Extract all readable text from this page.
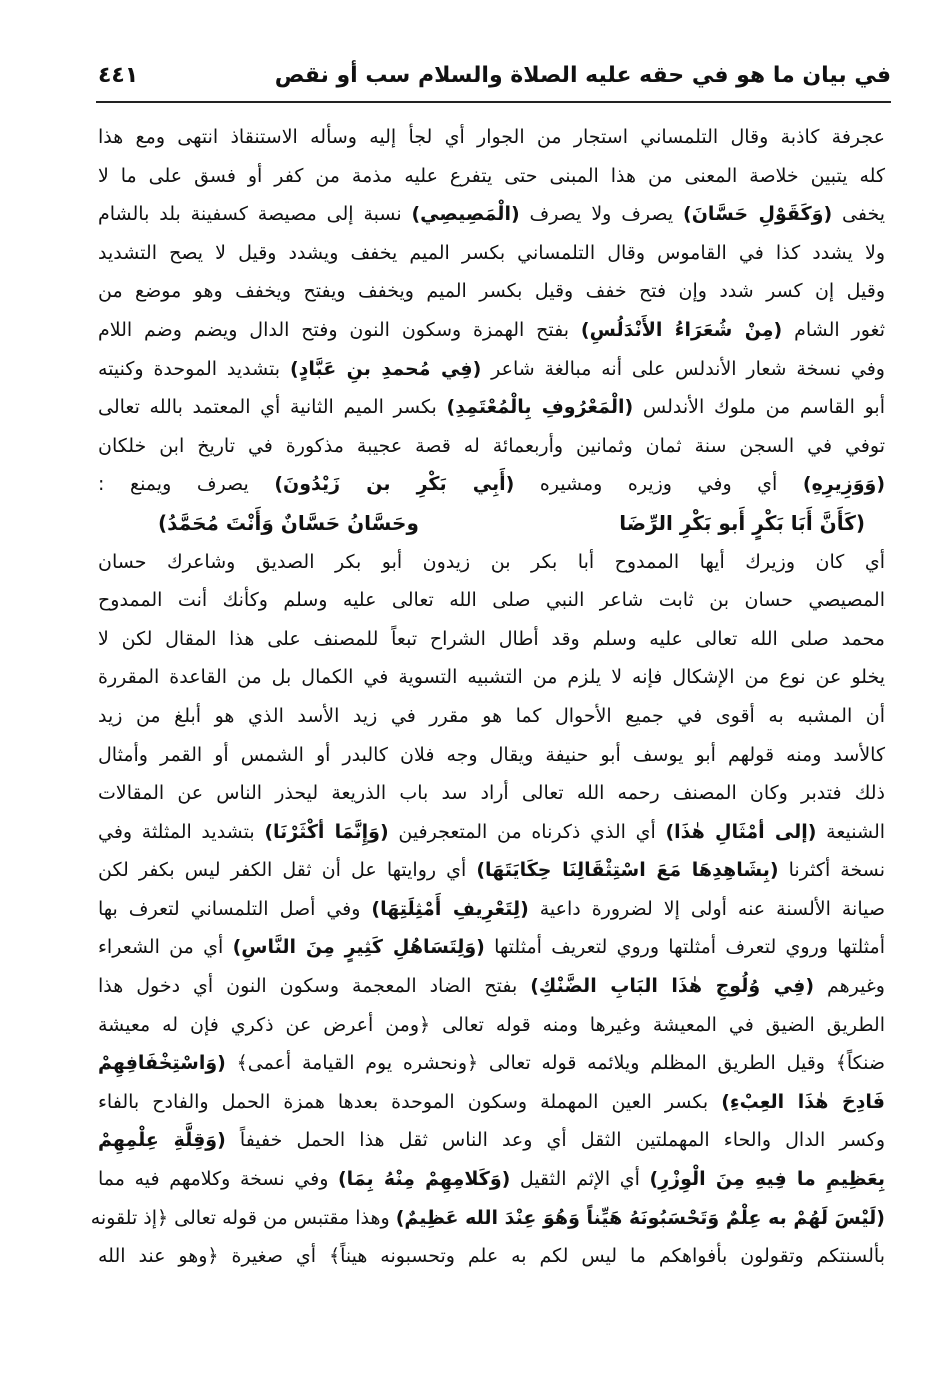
في بيان ما هو في حقه عليه الصلاة والسلام سب أو نقص
٤٤١
عجرفة كاذبة وقال التلمساني استجار من الجوار أي لجأ إليه وسأله الاستنقاذ انتهى ومع هذا
كله يتبين خلاصة المعنى من هذا المبنى حتى يتفرع عليه مذمة من كفر أو فسق على ما لا
يخفى (وَكَقَوْلِ حَسَّانَ) يصرف ولا يصرف (الْمَصِيصِي) نسبة إلى مصيصة كسفينة بلد بالشام
ولا يشدد كذا في القاموس وقال التلمساني بكسر الميم يخفف ويشدد وقيل لا يصح التشديد
وقيل إن كسر شدد وإن فتح خفف وقيل بكسر الميم ويخفف ويفتح ويخفف وهو موضع من
ثغور الشام (مِنْ شُعَرَاءُ الأَنْدَلُسِ) بفتح الهمزة وسكون النون وفتح الدال ويضم وضم اللام
وفي نسخة شعار الأندلس على أنه مبالغة شاعر (فِي مُحمدِ بنِ عَبَّادٍ) بتشديد الموحدة وكنيته
أبو القاسم من ملوك الأندلس (الْمَعْرُوفِ بِالْمُعْتَمِدِ) بكسر الميم الثانية أي المعتمد بالله تعالى
توفي في السجن سنة ثمان وثمانين وأربعمائة له قصة عجيبة مذكورة في تاريخ ابن خلكان
(وَوَزِيرِهِ) أي وفي وزيره ومشيره (أَبِي بَكْرِ بن زَيْدُونَ) يصرف ويمنع :
(كَأَنَّ أَبَا بَكْرٍ أَبو بَكْرِ الرِّضَا
وحَسَّانُ حَسَّانٌ وَأَنْتَ مُحَمَّدُ)
أي كان وزيرك أيها الممدوح أبا بكر بن زيدون أبو بكر الصديق وشاعرك حسان
المصيصي حسان بن ثابت شاعر النبي صلى الله تعالى عليه وسلم وكأنك أنت الممدوح
محمد صلى الله تعالى عليه وسلم وقد أطال الشراح تبعاً للمصنف على هذا المقال لكن لا
يخلو عن نوع من الإشكال فإنه لا يلزم من التشبيه التسوية في الكمال بل من القاعدة المقررة
أن المشبه به أقوى في جميع الأحوال كما هو مقرر في زيد الأسد الذي هو أبلغ من زيد
كالأسد ومنه قولهم أبو يوسف أبو حنيفة ويقال وجه فلان كالبدر أو الشمس أو القمر وأمثال
ذلك فتدبر وكان المصنف رحمه الله تعالى أراد سد باب الذريعة ليحذر الناس عن المقالات
الشنيعة (إلى أمْثَالِ هٰذَا) أي الذي ذكرناه من المتعجرفين (وَإِنَّمَا أكْثَرْنَا) بتشديد المثلثة وفي
نسخة أكثرنا (بِشَاهِدِهَا مَعَ اسْتِثْقَالِنَا حِكَايَتَهَا) أي روايتها عل أن ثقل الكفر ليس بكفر لكن
صيانة الألسنة عنه أولى إلا لضرورة داعية (لِتَعْرِيفِ أَمْثِلَتِهَا) وفي أصل التلمساني لتعرف بها
أمثلتها وروي لتعرف أمثلتها وروي لتعريف أمثلتها (وَلِتَسَاهُلِ كَثِيرٍ مِنَ النَّاسِ) أي من الشعراء
وغيرهم (فِي وُلُوجِ هٰذَا البَابِ الضَّنْكِ) بفتح الضاد المعجمة وسكون النون أي دخول هذا
الطريق الضيق في المعيشة وغيرها ومنه قوله تعالى ﴿ومن أعرض عن ذكري فإن له معيشة
ضنكاً﴾ وقيل الطريق المظلم ويلائمه قوله تعالى ﴿ونحشره يوم القيامة أعمى﴾ (وَاسْتِخْفَافِهِمْ
فَادِحَ هٰذَا العِبْءِ) بكسر العين المهملة وسكون الموحدة بعدها همزة الحمل والفادح بالفاء
وكسر الدال والحاء المهملتين الثقل أي وعد الناس ثقل هذا الحمل خفيفاً (وَقِلَّةِ عِلْمِهِمْ
بِعَظِيمِ ما فِيهِ مِنَ الْوِزْرِ) أي الإثم الثقيل (وَكَلامِهِمْ مِنْهُ بِمَا) وفي نسخة وكلامهم فيه مما
(لَيْسَ لَهُمْ به عِلْمٌ وَتَحْسَبُونَهُ هَيِّناً وَهُوَ عِنْدَ الله عَظِيمٌ) وهذا مقتبس من قوله تعالى ﴿إذ تلقونه
بألسنتكم وتقولون بأفواهكم ما ليس لكم به علم وتحسبونه هيناً﴾ أي صغيرة ﴿وهو عند الله
